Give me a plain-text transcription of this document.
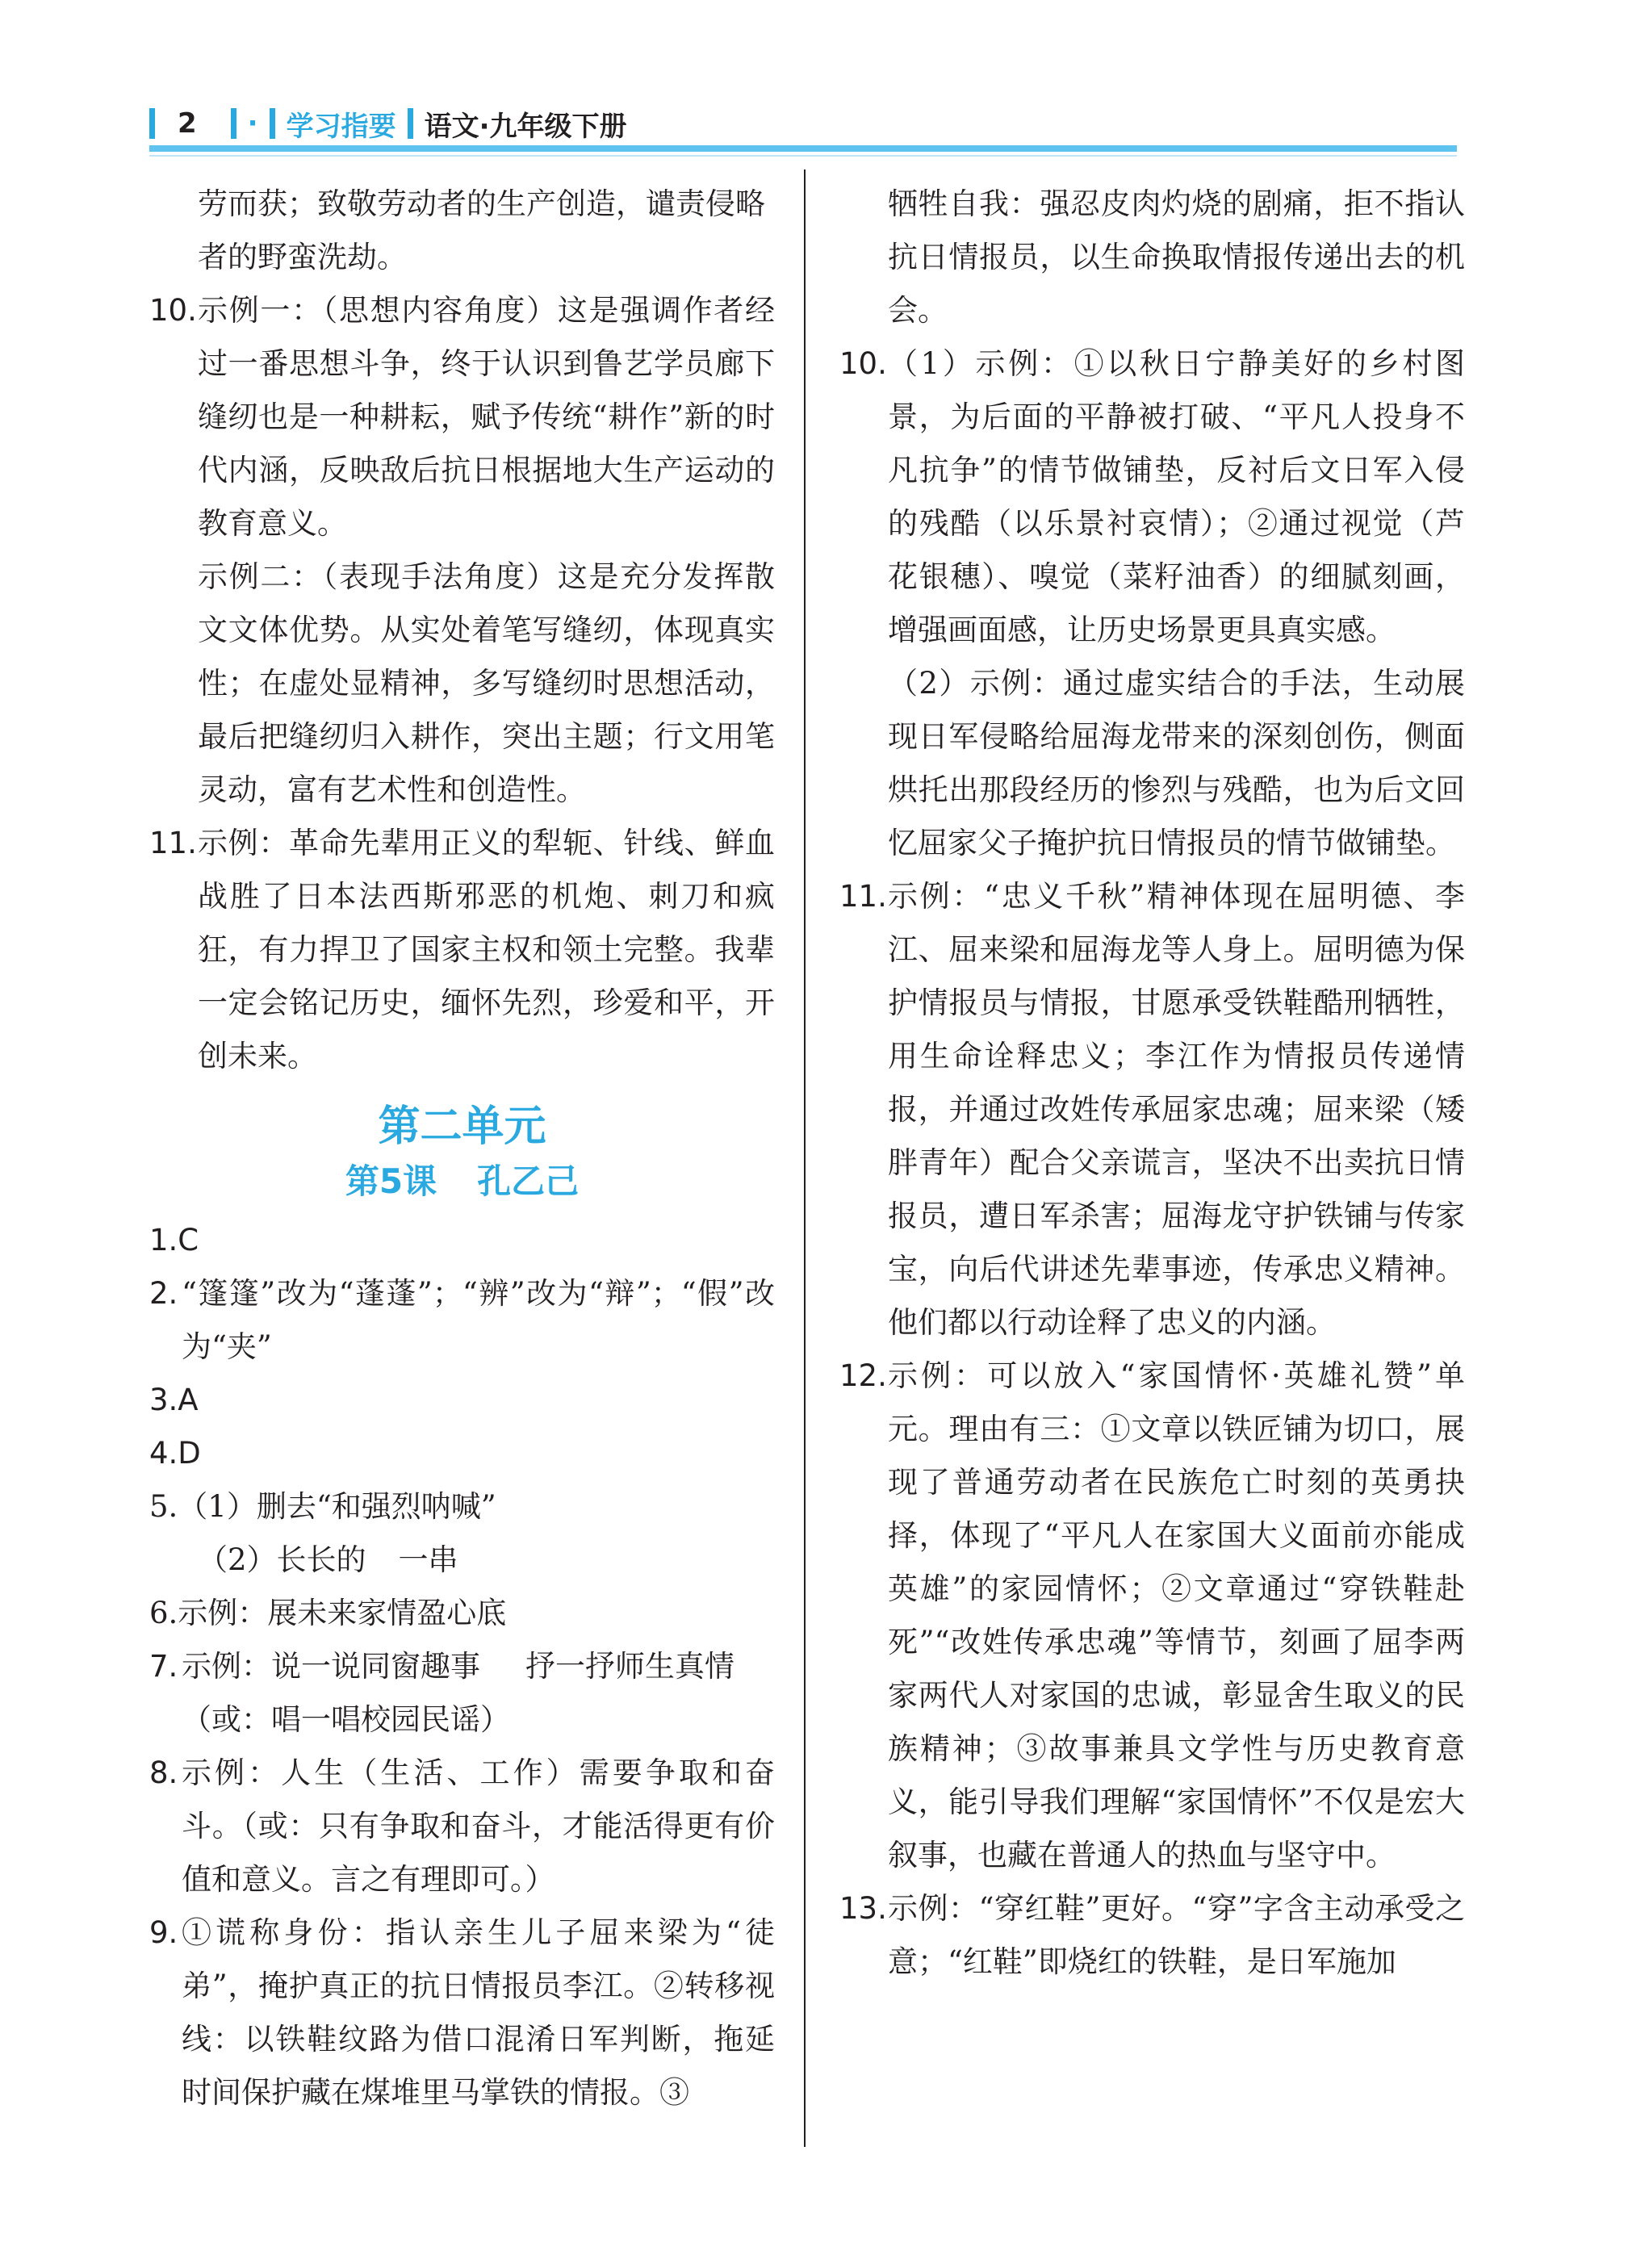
2 · 学习指要 语文·九年级下册
劳而获；致敬劳动者的生产创造，谴责侵略
者的野蛮洗劫。
10. 示例一：（思想内容角度）这是强调作者经过一番思想斗争，终于认识到鲁艺学员廊下缝纫也是一种耕耘，赋予传统“耕作”新的时代内涵，反映敌后抗日根据地大生产运动的教育意义。
示例二：（表现手法角度）这是充分发挥散文文体优势。从实处着笔写缝纫，体现真实性；在虚处显精神，多写缝纫时思想活动，最后把缝纫归入耕作，突出主题；行文用笔灵动，富有艺术性和创造性。
11. 示例：革命先辈用正义的犁轭、针线、鲜血战胜了日本法西斯邪恶的机炮、刺刀和疯狂，有力捍卫了国家主权和领土完整。我辈一定会铭记历史，缅怀先烈，珍爱和平，开创未来。
第二单元
第5课 孔乙己
1.C
2. “篷篷”改为“蓬蓬”；“辨”改为“辩”；“假”改为“夹”
3.A
4.D
5.（1）删去“和强烈呐喊”
（2）长长的 一串
6.示例：展未来家情盈心底
7. 示例：说一说同窗趣事 抒一抒师生真情
（或：唱一唱校园民谣）
8. 示例：人生（生活、工作）需要争取和奋斗。（或：只有争取和奋斗，才能活得更有价值和意义。言之有理即可。）
9. ①谎称身份：指认亲生儿子屈来梁为“徒弟”，掩护真正的抗日情报员李江。②转移视线：以铁鞋纹路为借口混淆日军判断，拖延时间保护藏在煤堆里马掌铁的情报。③
牺牲自我：强忍皮肉灼烧的剧痛，拒不指认抗日情报员，以生命换取情报传递出去的机会。
10. （1）示例：①以秋日宁静美好的乡村图景，为后面的平静被打破、“平凡人投身不凡抗争”的情节做铺垫，反衬后文日军入侵的残酷（以乐景衬哀情）；②通过视觉（芦花银穗）、嗅觉（菜籽油香）的细腻刻画，增强画面感，让历史场景更具真实感。
（2）示例：通过虚实结合的手法，生动展现日军侵略给屈海龙带来的深刻创伤，侧面烘托出那段经历的惨烈与残酷，也为后文回忆屈家父子掩护抗日情报员的情节做铺垫。
11. 示例：“忠义千秋”精神体现在屈明德、李江、屈来梁和屈海龙等人身上。屈明德为保护情报员与情报，甘愿承受铁鞋酷刑牺牲，用生命诠释忠义；李江作为情报员传递情报，并通过改姓传承屈家忠魂；屈来梁（矮胖青年）配合父亲谎言，坚决不出卖抗日情报员，遭日军杀害；屈海龙守护铁铺与传家宝，向后代讲述先辈事迹，传承忠义精神。他们都以行动诠释了忠义的内涵。
12. 示例：可以放入“家国情怀·英雄礼赞”单元。理由有三：①文章以铁匠铺为切口，展现了普通劳动者在民族危亡时刻的英勇抉择，体现了“平凡人在家国大义面前亦能成英雄”的家园情怀；②文章通过“穿铁鞋赴死”“改姓传承忠魂”等情节，刻画了屈李两家两代人对家国的忠诚，彰显舍生取义的民族精神；③故事兼具文学性与历史教育意义，能引导我们理解“家国情怀”不仅是宏大叙事，也藏在普通人的热血与坚守中。
13. 示例：“穿红鞋”更好。“穿”字含主动承受之意；“红鞋”即烧红的铁鞋，是日军施加
